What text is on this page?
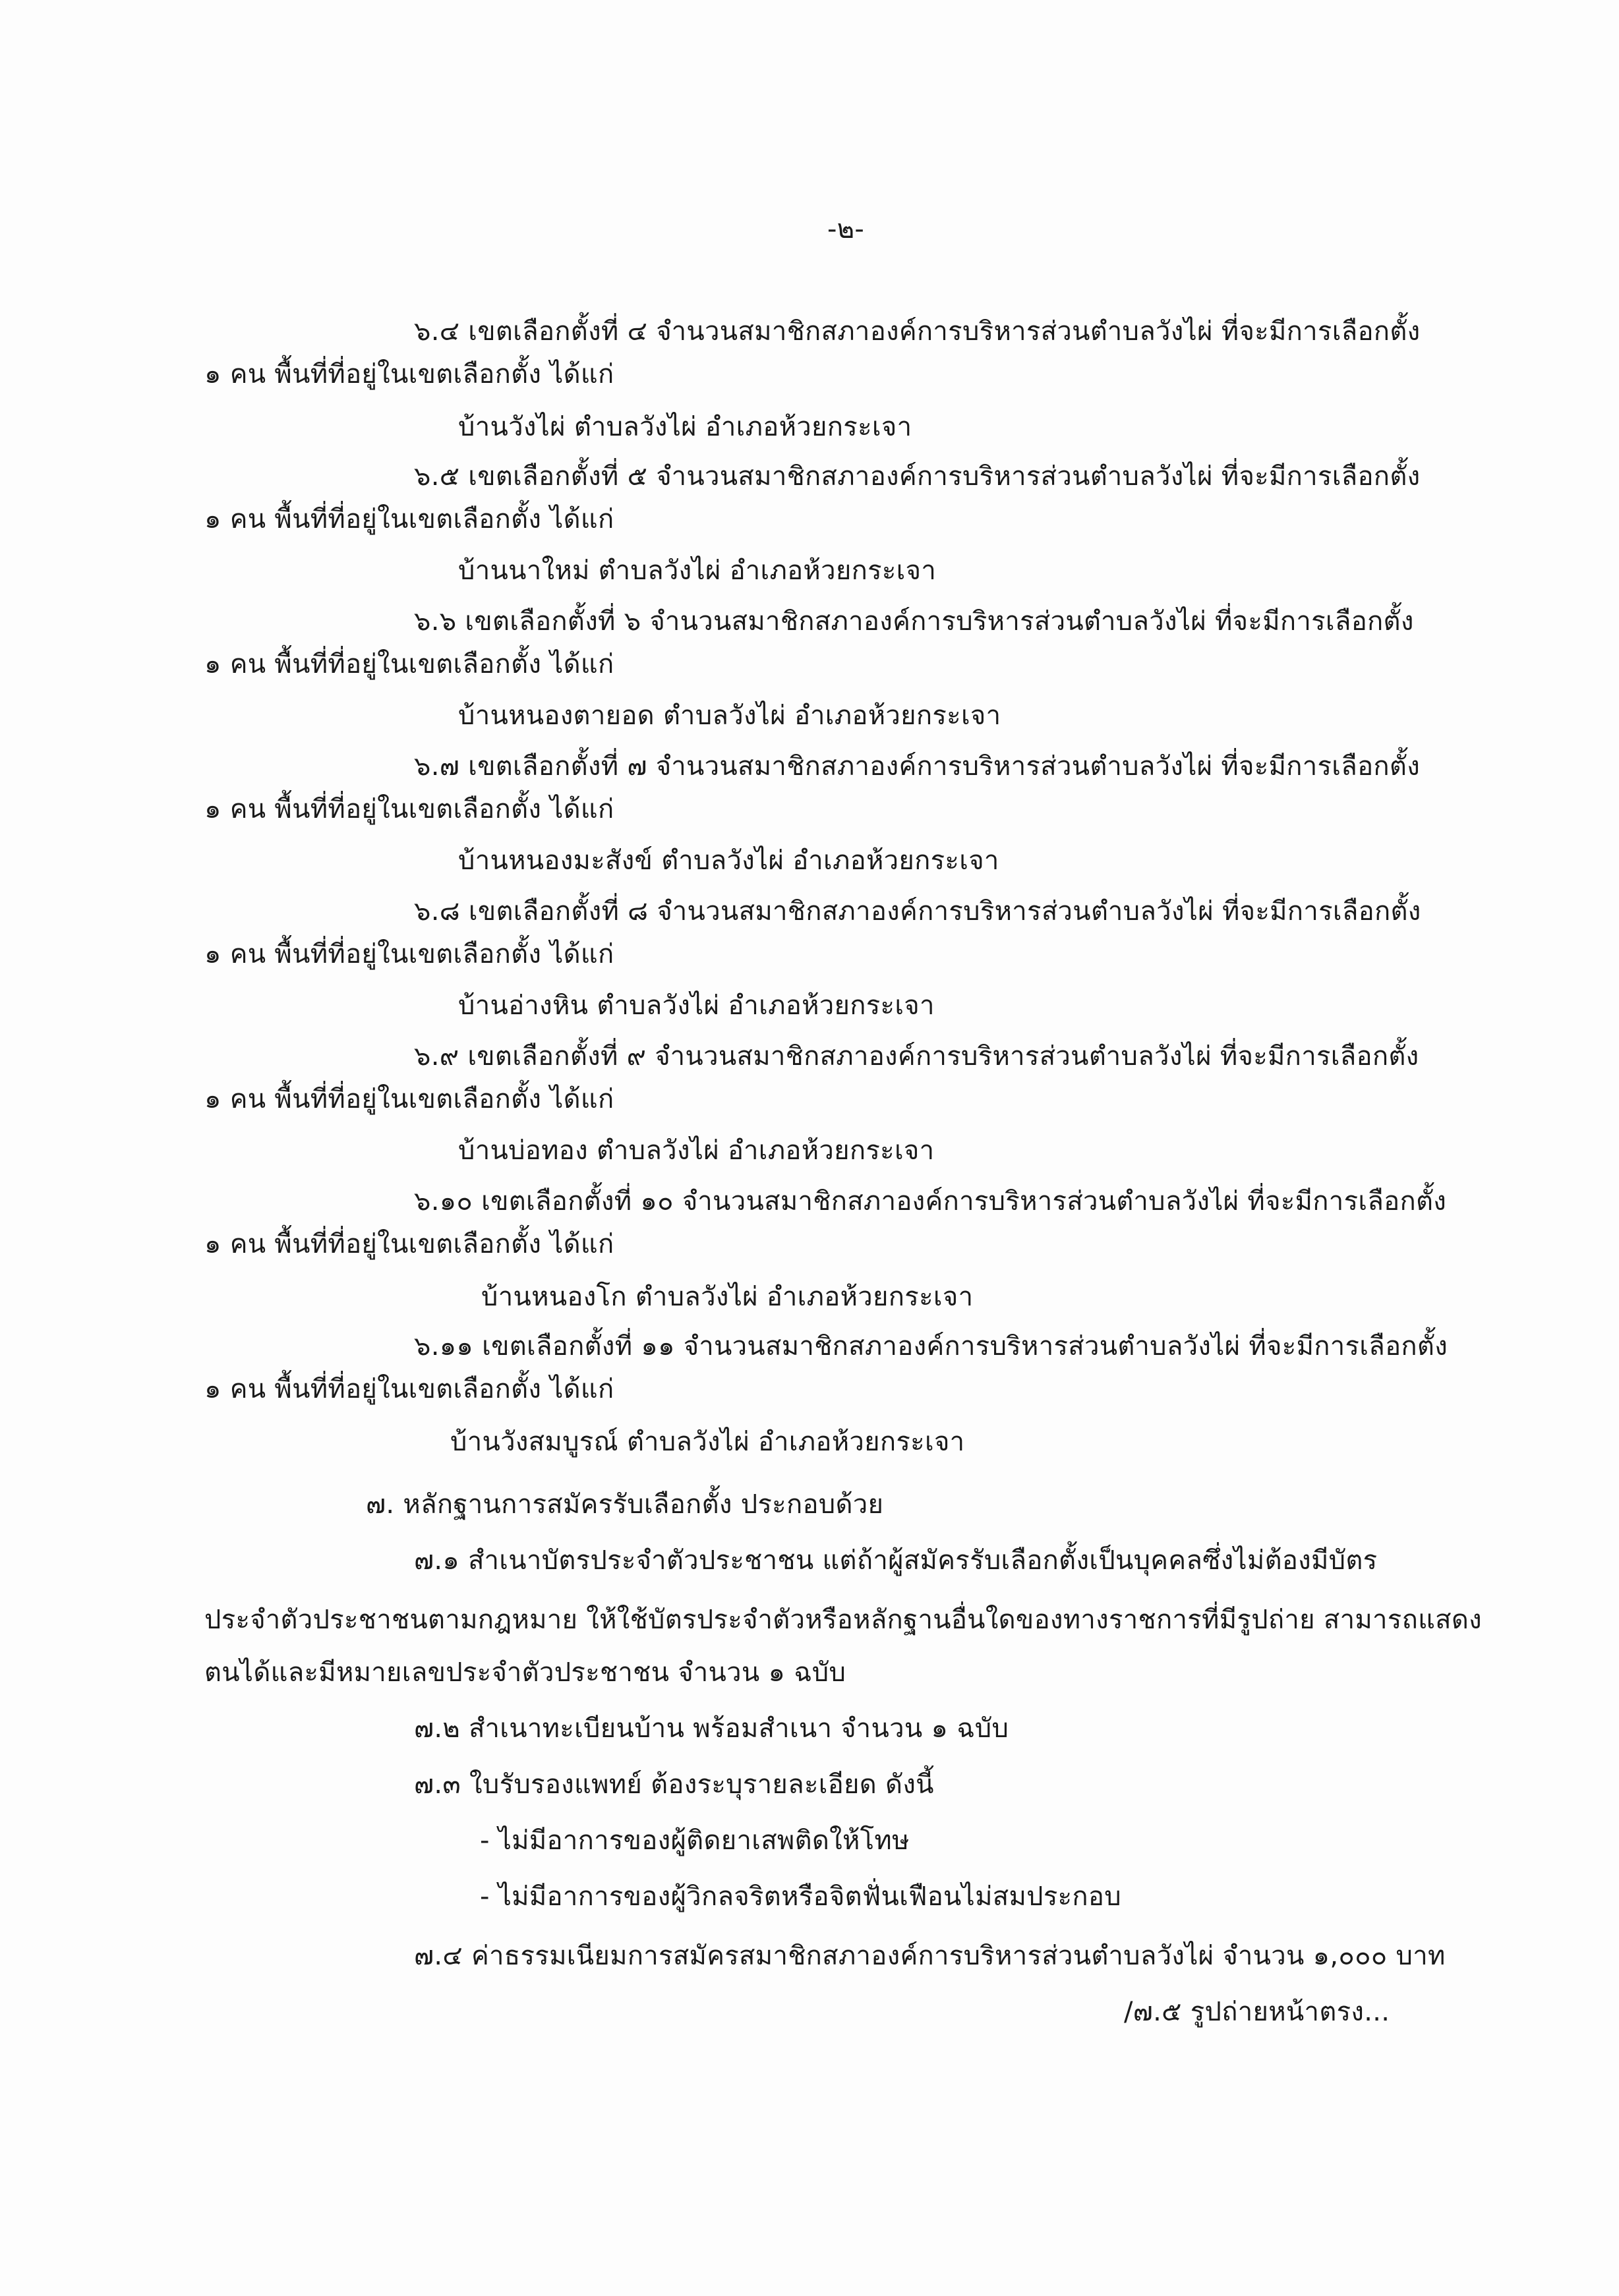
-๒-
๖.๔ เขตเลือกตั้งที่ ๔ จำนวนสมาชิกสภาองค์การบริหารส่วนตำบลวังไผ่ ที่จะมีการเลือกตั้ง
๑ คน พื้นที่ที่อยู่ในเขตเลือกตั้ง ได้แก่
บ้านวังไผ่ ตำบลวังไผ่ อำเภอห้วยกระเจา
๖.๕ เขตเลือกตั้งที่ ๕ จำนวนสมาชิกสภาองค์การบริหารส่วนตำบลวังไผ่ ที่จะมีการเลือกตั้ง
๑ คน พื้นที่ที่อยู่ในเขตเลือกตั้ง ได้แก่
บ้านนาใหม่ ตำบลวังไผ่ อำเภอห้วยกระเจา
๖.๖ เขตเลือกตั้งที่ ๖ จำนวนสมาชิกสภาองค์การบริหารส่วนตำบลวังไผ่ ที่จะมีการเลือกตั้ง
๑ คน พื้นที่ที่อยู่ในเขตเลือกตั้ง ได้แก่
บ้านหนองตายอด ตำบลวังไผ่ อำเภอห้วยกระเจา
๖.๗ เขตเลือกตั้งที่ ๗ จำนวนสมาชิกสภาองค์การบริหารส่วนตำบลวังไผ่ ที่จะมีการเลือกตั้ง
๑ คน พื้นที่ที่อยู่ในเขตเลือกตั้ง ได้แก่
บ้านหนองมะสังข์ ตำบลวังไผ่ อำเภอห้วยกระเจา
๖.๘ เขตเลือกตั้งที่ ๘ จำนวนสมาชิกสภาองค์การบริหารส่วนตำบลวังไผ่ ที่จะมีการเลือกตั้ง
๑ คน พื้นที่ที่อยู่ในเขตเลือกตั้ง ได้แก่
บ้านอ่างหิน ตำบลวังไผ่ อำเภอห้วยกระเจา
๖.๙ เขตเลือกตั้งที่ ๙ จำนวนสมาชิกสภาองค์การบริหารส่วนตำบลวังไผ่ ที่จะมีการเลือกตั้ง
๑ คน พื้นที่ที่อยู่ในเขตเลือกตั้ง ได้แก่
บ้านบ่อทอง ตำบลวังไผ่ อำเภอห้วยกระเจา
๖.๑๐ เขตเลือกตั้งที่ ๑๐ จำนวนสมาชิกสภาองค์การบริหารส่วนตำบลวังไผ่ ที่จะมีการเลือกตั้ง
๑ คน พื้นที่ที่อยู่ในเขตเลือกตั้ง ได้แก่
บ้านหนองโก ตำบลวังไผ่ อำเภอห้วยกระเจา
๖.๑๑ เขตเลือกตั้งที่ ๑๑ จำนวนสมาชิกสภาองค์การบริหารส่วนตำบลวังไผ่ ที่จะมีการเลือกตั้ง
๑ คน พื้นที่ที่อยู่ในเขตเลือกตั้ง ได้แก่
บ้านวังสมบูรณ์ ตำบลวังไผ่ อำเภอห้วยกระเจา
๗. หลักฐานการสมัครรับเลือกตั้ง ประกอบด้วย
๗.๑ สำเนาบัตรประจำตัวประชาชน แต่ถ้าผู้สมัครรับเลือกตั้งเป็นบุคคลซึ่งไม่ต้องมีบัตร
ประจำตัวประชาชนตามกฎหมาย ให้ใช้บัตรประจำตัวหรือหลักฐานอื่นใดของทางราชการที่มีรูปถ่าย สามารถแสดง
ตนได้และมีหมายเลขประจำตัวประชาชน จำนวน ๑ ฉบับ
๗.๒ สำเนาทะเบียนบ้าน พร้อมสำเนา จำนวน ๑ ฉบับ
๗.๓ ใบรับรองแพทย์ ต้องระบุรายละเอียด ดังนี้
- ไม่มีอาการของผู้ติดยาเสพติดให้โทษ
- ไม่มีอาการของผู้วิกลจริตหรือจิตฟั่นเฟือนไม่สมประกอบ
๗.๔ ค่าธรรมเนียมการสมัครสมาชิกสภาองค์การบริหารส่วนตำบลวังไผ่ จำนวน ๑,๐๐๐ บาท
/๗.๕ รูปถ่ายหน้าตรง...
